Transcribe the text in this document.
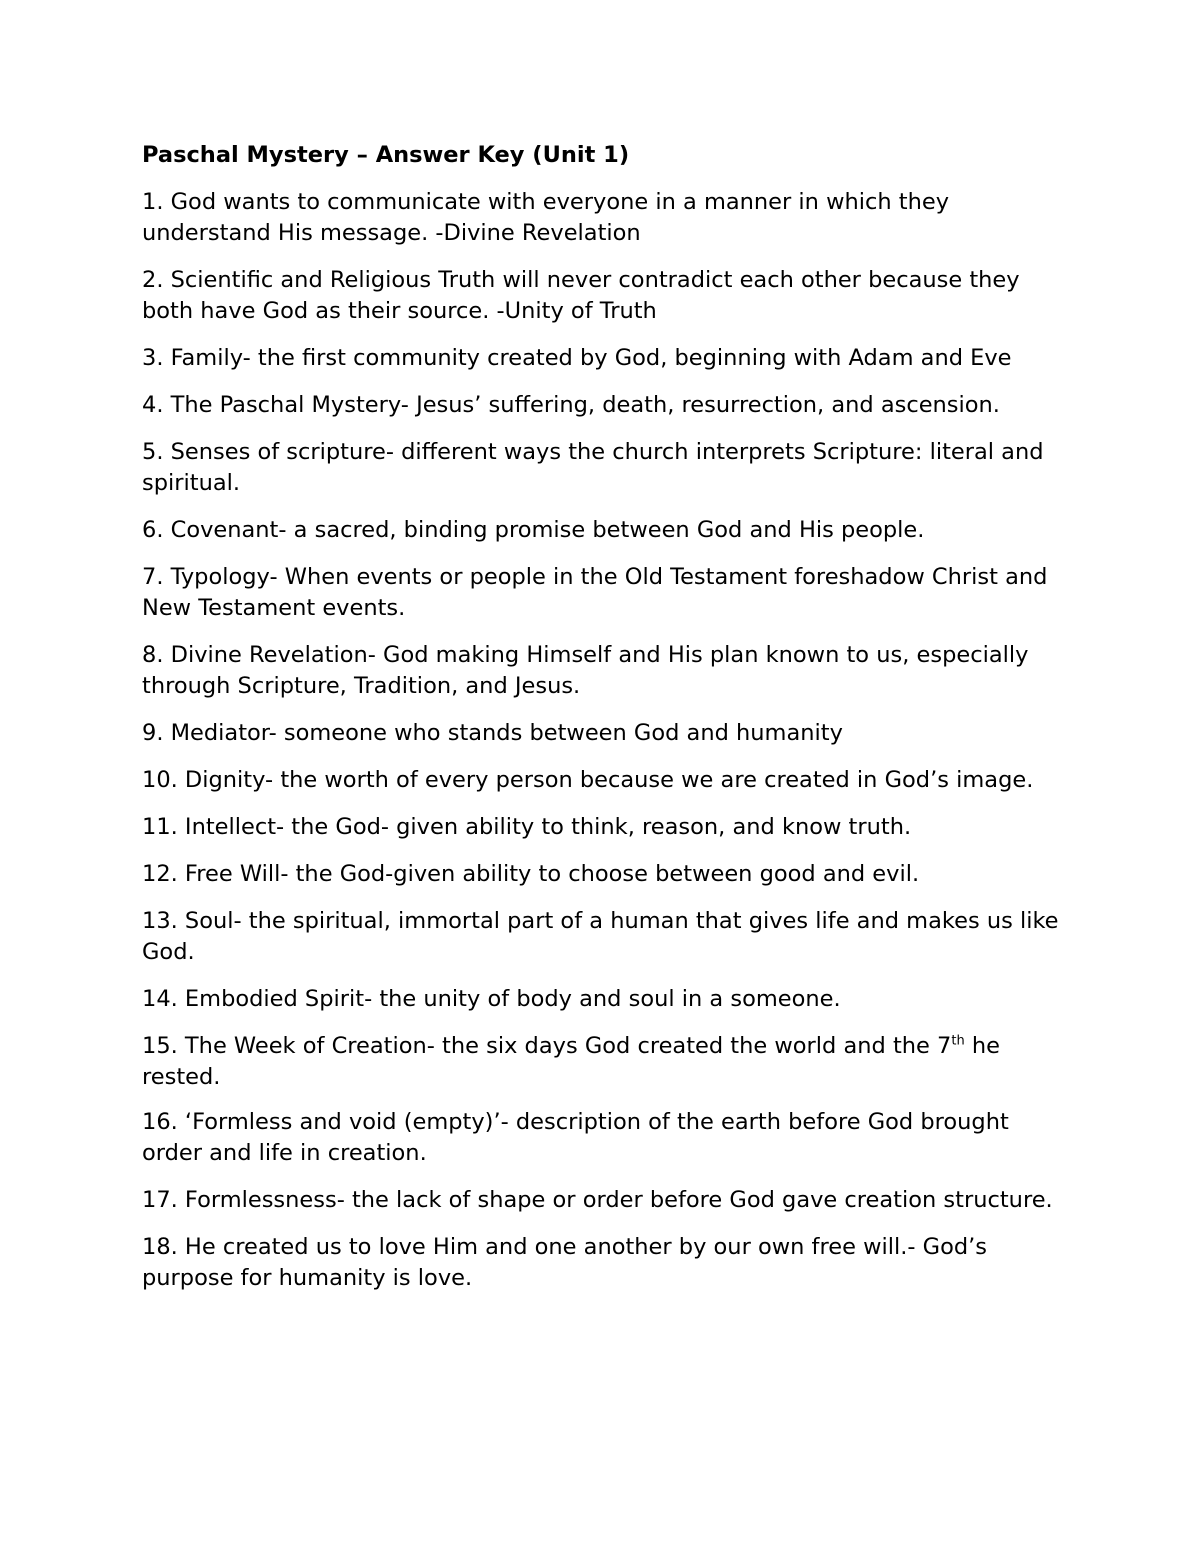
Paschal Mystery – Answer Key (Unit 1)

1. God wants to communicate with everyone in a manner in which they understand His message. -Divine Revelation

2. Scientific and Religious Truth will never contradict each other because they both have God as their source. -Unity of Truth

3. Family- the first community created by God, beginning with Adam and Eve

4. The Paschal Mystery- Jesus’ suffering, death, resurrection, and ascension.

5. Senses of scripture- different ways the church interprets Scripture: literal and spiritual.

6. Covenant- a sacred, binding promise between God and His people.

7. Typology- When events or people in the Old Testament foreshadow Christ and New Testament events.

8. Divine Revelation- God making Himself and His plan known to us, especially through Scripture, Tradition, and Jesus.

9. Mediator- someone who stands between God and humanity

10. Dignity- the worth of every person because we are created in God’s image.

11. Intellect- the God- given ability to think, reason, and know truth.

12. Free Will- the God-given ability to choose between good and evil.

13. Soul- the spiritual, immortal part of a human that gives life and makes us like God.

14. Embodied Spirit- the unity of body and soul in a someone.

15. The Week of Creation- the six days God created the world and the 7th he rested.

16. ‘Formless and void (empty)’- description of the earth before God brought order and life in creation.

17. Formlessness- the lack of shape or order before God gave creation structure.

18. He created us to love Him and one another by our own free will.- God’s purpose for humanity is love.
